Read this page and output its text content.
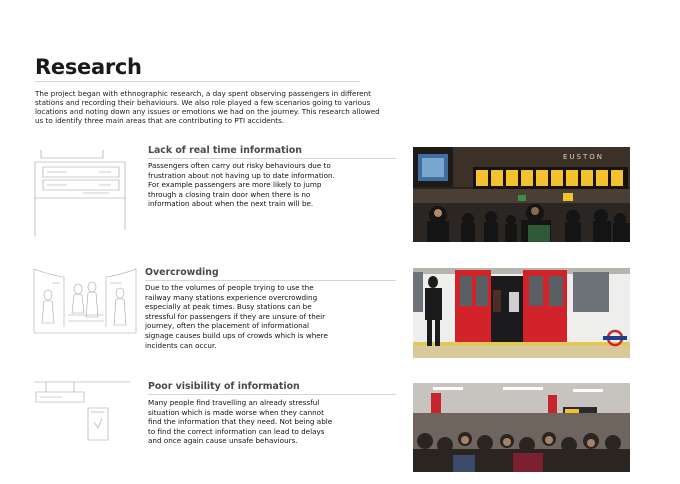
Research
The project began with ethnographic research, a day spent observing passengers in different stations and recording their behaviours. We also role played a few scenarios going to various locations and noting down any issues or emotions we had on the journey. This research allowed us to identify three main areas that are contributing to PTI accidents.
Lack of real time information
Passengers often carry out risky behaviours due to frustration about not having up to date information. For example passengers are more likely to jump through a closing train door when there is no information about when the next train will be.
EUSTON
Overcrowding
Due to the volumes of people trying to use the railway many stations experience overcrowding especially at peak times. Busy stations can be stressful for passengers if they are unsure of their journey, often the placement of informational signage causes build ups of crowds which is where incidents can occur.
Poor visibility of information
Many people find travelling an already stressful situation which is made worse when they cannot find the information that they need. Not being able to find the correct information can lead to delays and once again cause unsafe behaviours.
